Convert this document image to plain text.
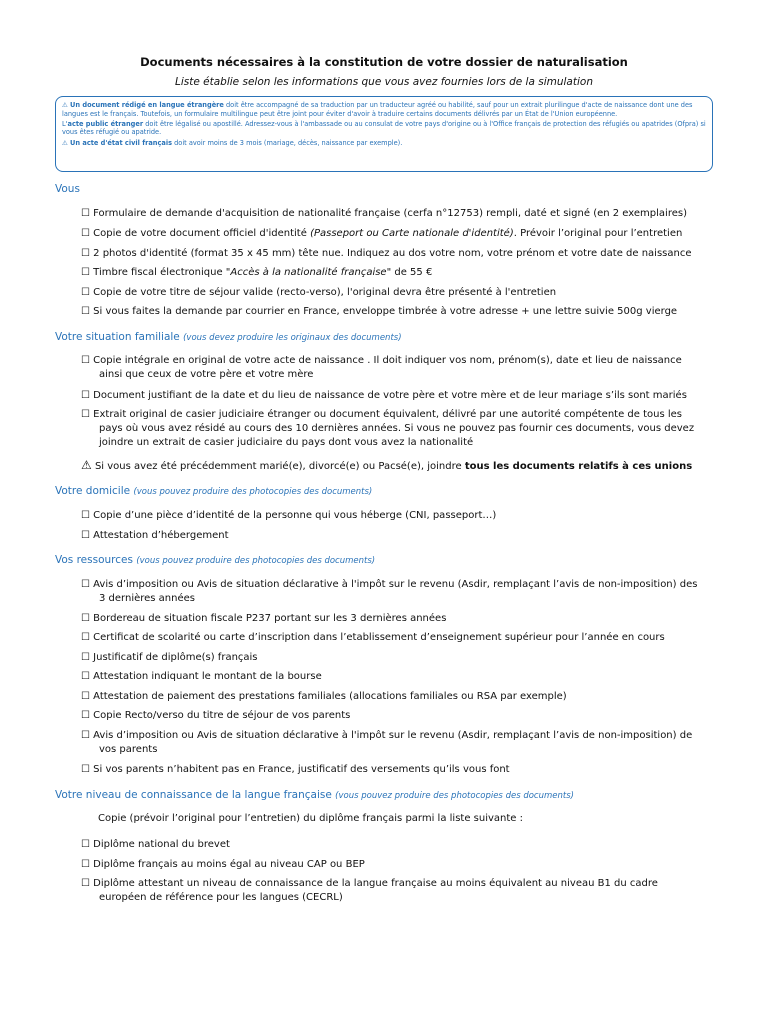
Documents nécessaires à la constitution de votre dossier de naturalisation

Liste établie selon les informations que vous avez fournies lors de la simulation

⚠ Un document rédigé en langue étrangère doit être accompagné de sa traduction par un traducteur agréé ou habilité, sauf pour un extrait plurilingue d'acte de naissance dont une des langues est le français. Toutefois, un formulaire multilingue peut être joint pour éviter d'avoir à traduire certains documents délivrés par un État de l'Union européenne.

L'acte public étranger doit être légalisé ou apostillé. Adressez-vous à l'ambassade ou au consulat de votre pays d'origine ou à l'Office français de protection des réfugiés ou apatrides (Ofpra) si vous êtes réfugié ou apatride.

⚠ Un acte d'état civil français doit avoir moins de 3 mois (mariage, décès, naissance par exemple).

Vous

☐ Formulaire de demande d'acquisition de nationalité française (cerfa n°12753) rempli, daté et signé (en 2 exemplaires)

☐ Copie de votre document officiel d'identité (Passeport ou Carte nationale d'identité). Prévoir l’original pour l’entretien

☐ 2 photos d'identité (format 35 x 45 mm) tête nue. Indiquez au dos votre nom, votre prénom et votre date de naissance

☐ Timbre fiscal électronique "Accès à la nationalité française" de 55 €

☐ Copie de votre titre de séjour valide (recto-verso), l'original devra être présenté à l'entretien

☐ Si vous faites la demande par courrier en France, enveloppe timbrée à votre adresse + une lettre suivie 500g vierge

Votre situation familiale (vous devez produire les originaux des documents)

☐ Copie intégrale en original de votre acte de naissance . Il doit indiquer vos nom, prénom(s), date et lieu de naissance
ainsi que ceux de votre père et votre mère

☐ Document justifiant de la date et du lieu de naissance de votre père et votre mère et de leur mariage s’ils sont mariés

☐ Extrait original de casier judiciaire étranger ou document équivalent, délivré par une autorité compétente de tous les
pays où vous avez résidé au cours des 10 dernières années. Si vous ne pouvez pas fournir ces documents, vous devez
joindre un extrait de casier judiciaire du pays dont vous avez la nationalité

⚠ Si vous avez été précédemment marié(e), divorcé(e) ou Pacsé(e), joindre tous les documents relatifs à ces unions

Votre domicile (vous pouvez produire des photocopies des documents)

☐ Copie d’une pièce d’identité de la personne qui vous héberge (CNI, passeport…)

☐ Attestation d’hébergement

Vos ressources (vous pouvez produire des photocopies des documents)

☐ Avis d’imposition ou Avis de situation déclarative à l'impôt sur le revenu (Asdir, remplaçant l’avis de non-imposition) des
3 dernières années

☐ Bordereau de situation fiscale P237 portant sur les 3 dernières années

☐ Certificat de scolarité ou carte d’inscription dans l’etablissement d’enseignement supérieur pour l’année en cours

☐ Justificatif de diplôme(s) français

☐ Attestation indiquant le montant de la bourse

☐ Attestation de paiement des prestations familiales (allocations familiales ou RSA par exemple)

☐ Copie Recto/verso du titre de séjour de vos parents

☐ Avis d’imposition ou Avis de situation déclarative à l'impôt sur le revenu (Asdir, remplaçant l’avis de non-imposition) de
vos parents

☐ Si vos parents n’habitent pas en France, justificatif des versements qu’ils vous font

Votre niveau de connaissance de la langue française (vous pouvez produire des photocopies des documents)

Copie (prévoir l’original pour l’entretien) du diplôme français parmi la liste suivante :

☐ Diplôme national du brevet

☐ Diplôme français au moins égal au niveau CAP ou BEP

☐ Diplôme attestant un niveau de connaissance de la langue française au moins équivalent au niveau B1 du cadre
européen de référence pour les langues (CECRL)
